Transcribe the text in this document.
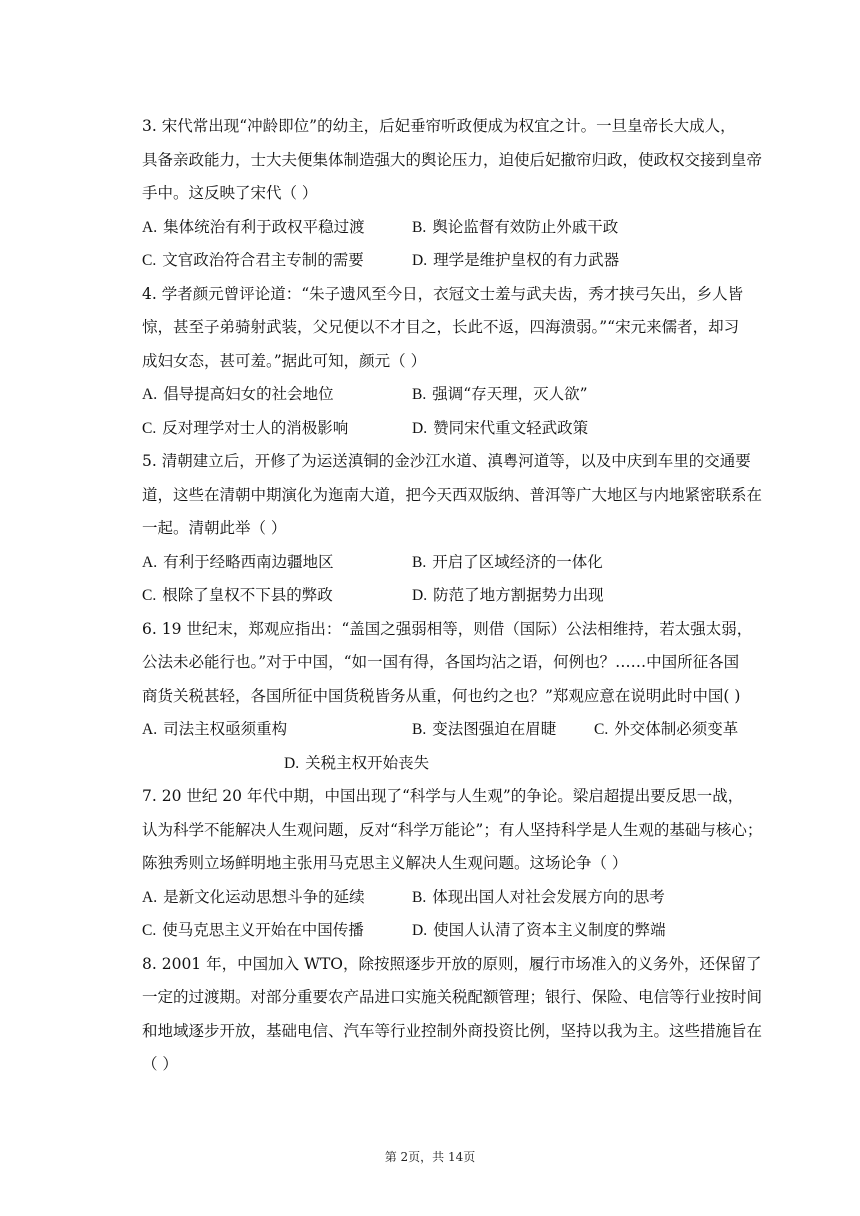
3. 宋代常出现“冲龄即位”的幼主，后妃垂帘听政便成为权宜之计。一旦皇帝长大成人，
具备亲政能力，士大夫便集体制造强大的舆论压力，迫使后妃撤帘归政，使政权交接到皇帝
手中。这反映了宋代（ ）
A. 集体统治有利于政权平稳过渡	B. 舆论监督有效防止外戚干政
C. 文官政治符合君主专制的需要	D. 理学是维护皇权的有力武器
4. 学者颜元曾评论道：“朱子遗风至今日，衣冠文士羞与武夫齿，秀才挟弓矢出，乡人皆
惊，甚至子弟骑射武装，父兄便以不才目之，长此不返，四海溃弱。”“宋元来儒者，却习
成妇女态，甚可羞。”据此可知，颜元（ ）
A. 倡导提高妇女的社会地位	B. 强调“存天理，灭人欲”
C. 反对理学对士人的消极影响	D. 赞同宋代重文轻武政策
5. 清朝建立后，开修了为运送滇铜的金沙江水道、滇粤河道等，以及中庆到车里的交通要
道，这些在清朝中期演化为迤南大道，把今天西双版纳、普洱等广大地区与内地紧密联系在
一起。清朝此举（ ）
A. 有利于经略西南边疆地区	B. 开启了区域经济的一体化
C. 根除了皇权不下县的弊政	D. 防范了地方割据势力出现
6. 19 世纪末，郑观应指出：“盖国之强弱相等，则借（国际）公法相维持，若太强太弱，
公法未必能行也。”对于中国，“如一国有得，各国均沾之语，何例也？……中国所征各国
商货关税甚轻，各国所征中国货税皆务从重，何也约之也？”郑观应意在说明此时中国( )
A. 司法主权亟须重构	B. 变法图强迫在眉睫	C. 外交体制必须变革
D. 关税主权开始丧失
7. 20 世纪 20 年代中期，中国出现了“科学与人生观”的争论。梁启超提出要反思一战，
认为科学不能解决人生观问题，反对“科学万能论”；有人坚持科学是人生观的基础与核心；
陈独秀则立场鲜明地主张用马克思主义解决人生观问题。这场论争（ ）
A. 是新文化运动思想斗争的延续	B. 体现出国人对社会发展方向的思考
C. 使马克思主义开始在中国传播	D. 使国人认清了资本主义制度的弊端
8. 2001 年，中国加入 WTO，除按照逐步开放的原则，履行市场准入的义务外，还保留了
一定的过渡期。对部分重要农产品进口实施关税配额管理；银行、保险、电信等行业按时间
和地域逐步开放，基础电信、汽车等行业控制外商投资比例，坚持以我为主。这些措施旨在
（ ）
第 2页，共 14页
